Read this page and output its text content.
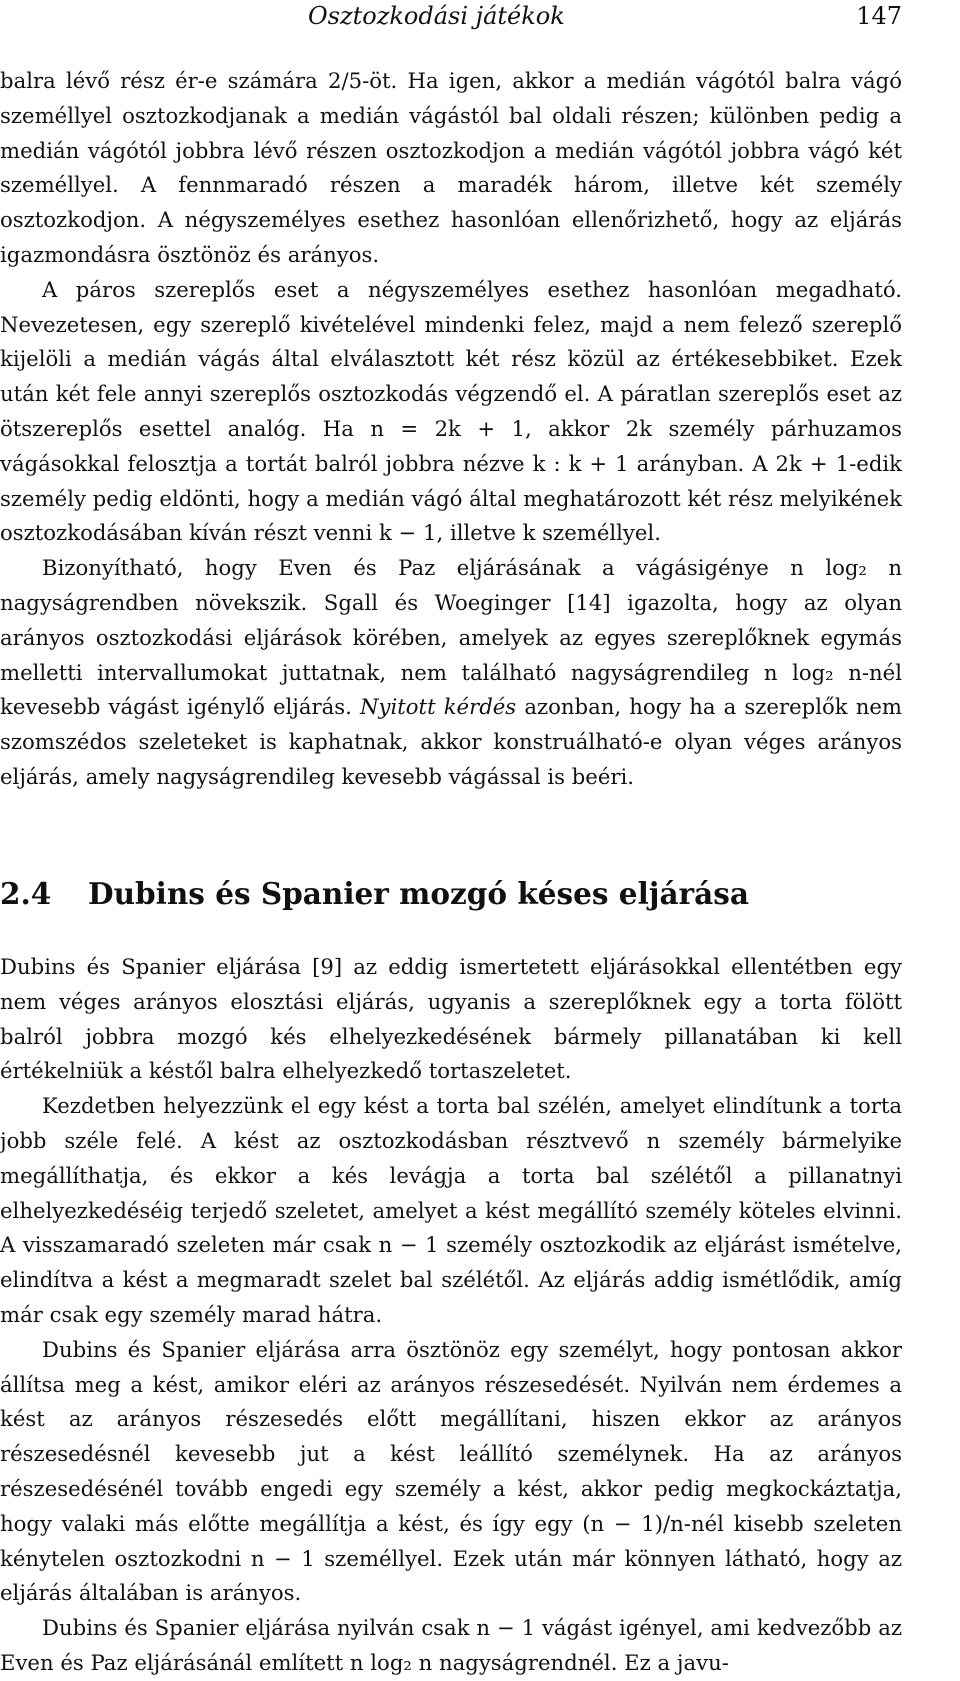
Osztozkodási játékok	147

balra lévő rész ér-e számára 2/5-öt. Ha igen, akkor a medián vágótól balra vágó személlyel osztozkodjanak a medián vágástól bal oldali részen; különben pedig a medián vágótól jobbra lévő részen osztozkodjon a medián vágótól jobbra vágó két személlyel. A fennmaradó részen a maradék három, illetve két személy osztozkodjon. A négyszemélyes esethez hasonlóan ellenőrizhető, hogy az eljárás igazmondásra ösztönöz és arányos.

A páros szereplős eset a négyszemélyes esethez hasonlóan megadható. Nevezetesen, egy szereplő kivételével mindenki felez, majd a nem felező szereplő kijelöli a medián vágás által elválasztott két rész közül az értékesebbiket. Ezek után két fele annyi szereplős osztozkodás végzendő el. A páratlan szereplős eset az ötszereplős esettel analóg. Ha n = 2k + 1, akkor 2k személy párhuzamos vágásokkal felosztja a tortát balról jobbra nézve k : k + 1 arányban. A 2k + 1-edik személy pedig eldönti, hogy a medián vágó által meghatározott két rész melyikének osztozkodásában kíván részt venni k − 1, illetve k személlyel.

Bizonyítható, hogy Even és Paz eljárásának a vágásigénye n log₂ n nagyságrendben növekszik. Sgall és Woeginger [14] igazolta, hogy az olyan arányos osztozkodási eljárások körében, amelyek az egyes szereplőknek egymás melletti intervallumokat juttatnak, nem található nagyságrendileg n log₂ n-nél kevesebb vágást igénylő eljárás. Nyitott kérdés azonban, hogy ha a szereplők nem szomszédos szeleteket is kaphatnak, akkor konstruálható-e olyan véges arányos eljárás, amely nagyságrendileg kevesebb vágással is beéri.

2.4 Dubins és Spanier mozgó késes eljárása

Dubins és Spanier eljárása [9] az eddig ismertetett eljárásokkal ellentétben egy nem véges arányos elosztási eljárás, ugyanis a szereplőknek egy a torta fölött balról jobbra mozgó kés elhelyezkedésének bármely pillanatában ki kell értékelniük a késtől balra elhelyezkedő tortaszeletet.

Kezdetben helyezzünk el egy kést a torta bal szélén, amelyet elindítunk a torta jobb széle felé. A kést az osztozkodásban résztvevő n személy bármelyike megállíthatja, és ekkor a kés levágja a torta bal szélétől a pillanatnyi elhelyezkedéséig terjedő szeletet, amelyet a kést megállító személy köteles elvinni. A visszamaradó szeleten már csak n − 1 személy osztozkodik az eljárást ismételve, elindítva a kést a megmaradt szelet bal szélétől. Az eljárás addig ismétlődik, amíg már csak egy személy marad hátra.

Dubins és Spanier eljárása arra ösztönöz egy személyt, hogy pontosan akkor állítsa meg a kést, amikor eléri az arányos részesedését. Nyilván nem érdemes a kést az arányos részesedés előtt megállítani, hiszen ekkor az arányos részesedésnél kevesebb jut a kést leállító személynek. Ha az arányos részesedésénél tovább engedi egy személy a kést, akkor pedig megkockáztatja, hogy valaki más előtte megállítja a kést, és így egy (n − 1)/n-nél kisebb szeleten kénytelen osztozkodni n − 1 személlyel. Ezek után már könnyen látható, hogy az eljárás általában is arányos.

Dubins és Spanier eljárása nyilván csak n − 1 vágást igényel, ami kedvezőbb az Even és Paz eljárásánál említett n log₂ n nagyságrendnél. Ez a javu-
